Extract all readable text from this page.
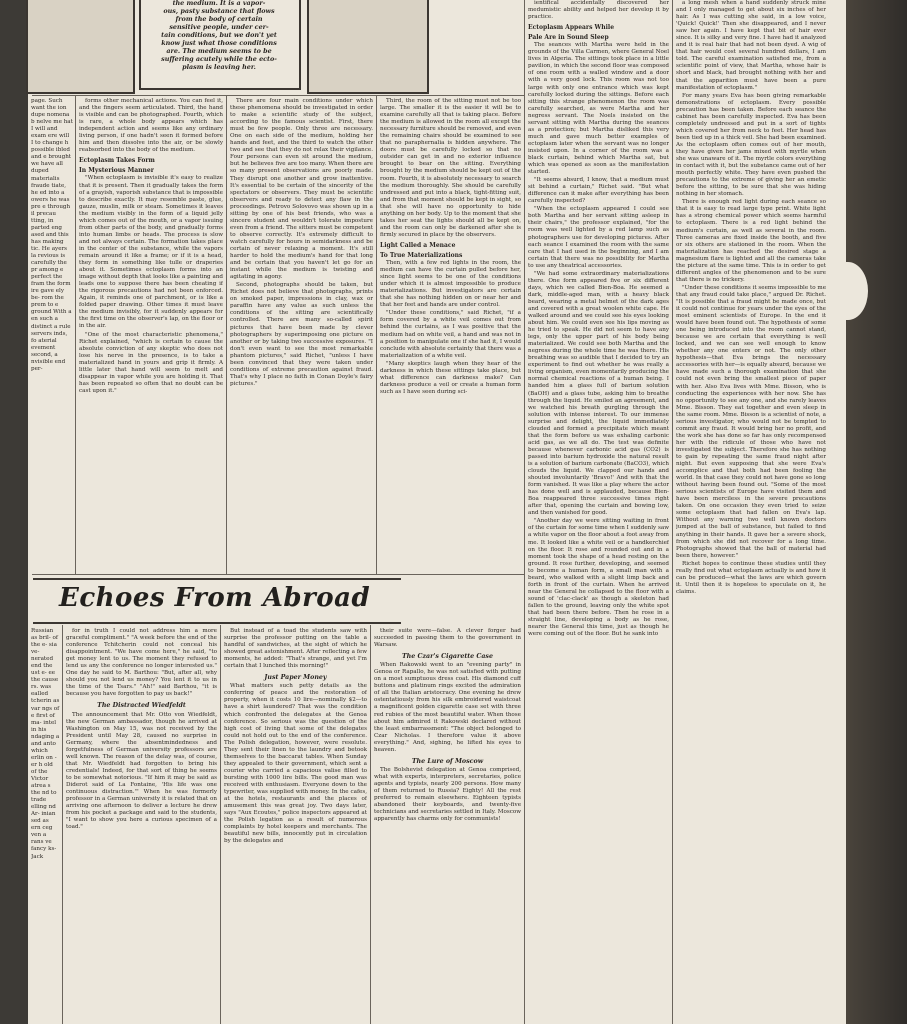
the medium. It is a vapor-
ous, pasty substance that flows
from the body of certain
sensitive people, under cer-
tain conditions, but we don't yet
know just what those conditions
are. The medium seems to be
suffering acutely while the ecto-
plasm is leaving her.
page. Such want the ion dupe nomena b nelve me hat I will and exam ere will I to change h possible ibled and e brought we have all duped materialis fraude tiate, he ed into a owers he was pre e through il precau tting, in parted eng ased and this has making tic. He ayers la revious is carefully the pr among e perfect the fram the form ire gave ely be- rom the prem to e ground With a en such a distinct a rule servers inds, fo aterial evement second, a nvisible end per-

forms other mechanical actions. You can feel it, and the fingers seem articulated. Third, the hand is visible and can be photographed. Fourth, which is rare, a whole body appears which has independent action and seems like any ordinary living person, if one hadn't seen it formed before him and then dissolve into the air, or be slowly reabsorbed into the body of the medium.

Ectoplasm Takes Form
In Mysterious Manner

"When ectoplasm is invisible it's easy to realize that it is present. Then it gradually takes the form of a grayish, vaporish substance that is impossible to describe exactly. It may resemble paste, glue, gauze, muslin, milk or steam. Sometimes it leaves the medium visibly in the form of a liquid jelly which comes out of the mouth, or a vapor issuing from other parts of the body, and gradually forms into human limbs or heads. The process is slow and not always certain. The formation takes place in the center of the substance, while the vapors remain around it like a frame; or if it is a head, they form in something like tulle or draperies about it. Sometimes ectoplasm forms into an image without depth that looks like a painting and leads one to suppose there has been cheating if the rigorous precautions had not been enforced. Again, it reminds one of parchment, or is like a folded paper drawing. Other times it must leave the medium invisibly, for it suddenly appears for the first time on the observer's lap, on the floor or in the air.

"One of the most characteristic phenomena," Richet explained, "which is certain to cause the absolute conviction of any skeptic who does not lose his nerve in the presence, is to take a materialized hand in yours and grip it firmly. A little later that hand will seem to melt and disappear in vapor while you are holding it. That has been repeated so often that no doubt can be cast upon it."

There are four main conditions under which these phenomena should be investigated in order to make a scientific study of the subject, according to the famous scientist. First, there must be few people. Only three are necessary. One on each side of the medium, holding her hands and feet, and the third to watch the other two and see that they do not relax their vigilance. Four persons can even sit around the medium, but he believes five are too many. When there are so many present observations are poorly made. They disrupt one another and grow inattentive. It's essential to be certain of the sincerity of the spectators or observers. They must be scientific observers and ready to detect any flaw in the proceedings. Petrovo Solovovo was shown up in a sitting by one of his best friends, who was a sincere student and wouldn't tolerate imposture even from a friend. The sitters must be competent to observe correctly. It's extremely difficult to watch carefully for hours in semidarkness and be certain of never relaxing a moment. It's still harder to hold the medium's hand for that long and be certain that you haven't let go for an instant while the medium is twisting and agitating in agony.

Second, photographs should be taken, but Richet does not believe that photographs, prints on smoked paper, impressions in clay, wax or paraffin have any value as such unless the conditions of the sitting are scientifically controlled. There are many so-called spirit pictures that have been made by clever photographers by superimposing one picture on another or by taking two successive exposures. "I don't even want to see the most remarkable phantom pictures," said Richet, "unless I have been convinced that they were taken under conditions of extreme precaution against fraud. That's why I place no faith in Conan Doyle's fairy pictures."

Third, the room of the sitting must not be too large. The smaller it is the easier it will be to examine carefully all that is taking place. Before the medium is allowed in the room all except the necessary furniture should be removed, and even the remaining chairs should be examined to see that no paraphernalia is hidden anywhere. The doors must be carefully locked so that no outsider can get in and no exterior influence brought to bear on the sitting. Everything brought by the medium should be kept out of the room. Fourth, it is absolutely necessary to search the medium thoroughly. She should be carefully undressed and put into a black, tight-fitting suit, and from that moment should be kept in sight, so that she will have no opportunity to hide anything on her body. Up to the moment that she takes her seat the lights should all be kept on, and the room can only be darkened after she is firmly secured in place by the observers.

Light Called a Menace
To True Materializations

Then, with a few red lights in the room, the medium can have the curtain pulled before her, since light seems to be one of the conditions under which it is almost impossible to produce materializations. But investigators are certain that she has nothing hidden on or near her and that her feet and hands are under control.

"Under these conditions," said Richet, "if a form covered by a white veil comes out from behind the curtains, as I was positive that the medium had on white veil, a hand and was not in a position to manipulate one if she had it, I would conclude with absolute certainty that there was a materialization of a white veil.

"Many skeptics laugh when they hear of the darkness in which these sittings take place, but what difference can darkness make? Can darkness produce a veil or create a human form such as I have seen during sci-

ientifical accidentally discovered her medumistic ability and helped her develop it by practice.

Ectoplasm Appears While
Pale Are in Sound Sleep

The seances with Martha were held in the grounds of the Villa Carmen, where General Noel lives in Algeria. The sittings took place in a little pavilion, in which the second floor was composed of one room with a walled window and a door with a very good lock. This room was not too large with only one entrance which was kept carefully locked during the sittings. Before each sitting this strange phenomenon the room was carefully searched, as were Martha and her negress servant. The Noels insisted on the servant sitting with Martha during the seances as a protection; but Martha disliked this very much and gave much better examples of ectoplasm later when the servant was no longer insisted upon. In a corner of the room was a black curtain, behind which Martha sat, but which was opened as soon as the manifestation started.

"It seems absurd, I know, that a medium must sit behind a curtain," Richet said. "But what difference can it make after everything has been carefully inspected?

"When the ectoplasm appeared I could see both Martha and her servant sitting asleep in their chairs," the professor explained, "for the room was well lighted by a red lamp such as photographers use for developing pictures. After each seance I examined the room with the same care that I had used in the beginning, and I am certain that there was no possibility for Martha to use any theatrical accessories.

"We had some extraordinary materializations there. One form appeared five or six different days, which we called Bien-Boa. He seemed a dark, middle-aged man, with a heavy black beard, wearing a metal helmet of the dark ages and covered with a great woolen white cape. He walked around and we could see his eyes looking about him. We could even see his lips moving as he tried to speak. He did not seem to have any legs, only the upper part of his body being materialized. We could see both Martha and the negress during the whole time he was there. His breathing was so audible that I decided to try an experiment to find out whether he was really a living organism, even momentarily producing the normal chemical reactions of a human being. I handed him a glass full of barium solution (BaOH) and a glass tube, asking him to breathe through the liquid. He smiled an agreement, and we watched his breath gurgling through the solution with intense interest. To our immense surprise and delight, the liquid immediately clouded and formed a precipitate which meant that the form before us was exhaling carbonic acid gas, as we all do. The test was definite because whenever carbonic acid gas (CO2) is passed into barium hydroxide the natural result is a solution of barium carbonate (BaCO3), which clouds the liquid. We clapped our hands and shouted involuntarily 'Bravo!' And with that the form vanished. It was like a play where the actor has done well and is applauded, because Bien-Boa reappeared three successive times right after that, opening the curtain and bowing low, and then vanished for good.

"Another day we were sitting waiting in front of the curtain for some time when I suddenly saw a white vapor on the floor about a foot away from me. It looked like a white veil or a handkerchief on the floor. It rose and rounded out and in a moment took the shape of a head resting on the ground. It rose further, developing, and seemed to become a human form, a small man with a beard, who walked with a slight limp back and forth in front of the curtain. When he arrived near the General he collapsed to the floor with a sound of 'clac-clack' as though a skeleton had fallen to the ground, leaving only the white spot that had been there before. Then he rose in a straight line, developing a body as he rose, nearer the General this time, just as though he were coming out of the floor. But he sank into

a long mesh when a hand suddenly struck mine and I only managed to get about six inches of her hair. As I was cutting she said, in a low voice, 'Quick! Quick!' Then she disappeared, and I never saw her again. I have kept that bit of hair ever since. It is silky and very fine. I have had it analyzed and it is real hair that had not been dyed. A wig of that hair would cost several hundred dollars, I am told. The careful examination satisfied me, from a scientific point of view, that Martha, whose hair is short and black, had brought nothing with her and that the apparition must have been a pure manifestation of ectoplasm."

For many years Eva has been giving remarkable demonstrations of ectoplasm. Every possible precaution has been taken. Before each seance the cabinet has been carefully inspected. Eva has been completely undressed and put in a sort of tights which covered her from neck to feet. Her head has been tied up in a thick veil. She had been examined. As the ectoplasm often comes out of her mouth, they have given her jams mixed with myrtle when she was unaware of it. The myrtle colors everything in contact with it, but the substance came out of her mouth perfectly white. They have even pushed the precautions to the extreme of giving her an emetic before the sitting, to be sure that she was hiding nothing in her stomach.

There is enough red light during each seance so that it is easy to read large type print. White light has a strong chemical power which seems harmful to ectoplasm. There is a red light behind the medium's curtain, as well as several in the room. Three cameras are fixed inside the booth, and five or six others are stationed in the room. When the materialization has reached the desired stage a magnesium flare is lighted and all the cameras take the picture at the same time. This is in order to get different angles of the phenomenon and to be sure that there is no trickery.

"Under these conditions it seems impossible to me that any fraud could take place," argued Dr. Richet. "It is possible that a fraud might be made once, but it could not continue for years under the eyes of the most eminent scientists of Europe. In the end it would have been found out. The hypothesis of some one being introduced into the room cannot stand, because we are certain that everything is well locked, and we can see well enough to know whether any one enters or not. The only other hypothesis—that Eva brings the necessary accessories with her—is equally absurd, because we have made such a thorough examination that she could not even bring the smallest piece of paper with her. Also Eva lives with Mme. Bisson, who is conducting the experiences with her now. She has no opportunity to see any one, and she rarely leaves Mme. Bisson. They eat together and even sleep in the same room. Mme. Bisson is a scientist of note, a serious investigator, who would not be tempted to commit any fraud. It would bring her no profit, and the work she has done so far has only recompensed her with the ridicule of those who have not investigated the subject. Therefore she has nothing to gain by repeating the same fraud night after night. But even supposing that she were Eva's accomplice and that both had been fooling the world. In that case they could not have gone so long without having been found out. "Some of the most serious scientists of Europe have visited them and have been merciless in the severe precautions taken. On one occasion they even tried to seize some ectoplasm that had fallen on Eva's lap. Without any warning two well known doctors jumped at the ball of substance, but failed to find anything in their hands. It gave her a severe shock, from which she did not recover for a long time. Photographs showed that the ball of material had been there, however."

Richet hopes to continue these studies until they really find out what ectoplasm actually is and how it can be produced—what the laws are which govern it. Until then it is hopeless to speculate on it, he claims.

Echoes From Abroad
Russian as bril- of the e- sia ve- nerated end the ust e- ee the cause rs. was ealled tcherin as var ngs of e first of ma- intel in his ndaging a and anto which erlin on - er h old of the Victor atrea s the nd to trade elling nd Ar- inian sed as ern ceg ven a rans ve fancy ks-Jack

for in truth I could not address him a more graceful compliment." "A week before the end of the conference Tchitcherin could not conceal his disappointment. "We have come here," he said, "to get money lent to us. The moment they refused to lend us any the conference no longer interested us." One day he said to M. Barthou: "But, after all, why should you not lend us money? You lent it to us in the time of the Tsars." "Ah!" said Barthou, "it is because you have forgotten to pay us back!"

The Distracted Wiedfeldt

The announcement that Mr. Otto von Wiedfeldt, the new German ambassador, though he arrived at Washington on May 15, was not received by the President until May 28, caused no surprise in Germany, where the absentmindedness and forgetfulness of German university professors are well known. The reason of the delay was, of course, that Mr. Wiedfeldt had forgotten to bring his credentials! Indeed, for that sort of thing he seems to be somewhat notorious. "If him it may be said as Diderot said of La Fontaine, 'His life was one continuous distraction.'" When he was formerly professor in a German university it is related that on arriving one afternoon to deliver a lecture he drew from his pocket a package and said to the students, "I want to show you here a curious specimen of a toad."

But instead of a toad the students saw with surprise the professor putting on the table a handful of sandwiches, at the sight of which he showed great astonishment. After reflecting a few moments, he added: "That's strange, and yet I'm certain that I lunched this morning!"

Just Paper Money

What matters such petty details as the conferring of peace and the restoration of property, when it costs 10 lire—nominally $2—to have a shirt laundered? That was the condition which confronted the delegates at the Genoa conference. So serious was the question of the high cost of living that some of the delegates could not hold out to the end of the conference. The Polish delegation, however, were resolute. They sent their linen to the laundry and betook themselves to the baccarat tables. When Sunday they appealed to their government, which sent a courier who carried a capacious valise filled to bursting with 1000 lire bills. The good man was received with enthusiasm. Everyone down to the typewriter, was supplied with money. In the cafes, at the hotels, restaurants and the places of amusement this was great joy. Two days later, says "Aux Ecoutes," police inspectors appeared at the Polish legation as a result of numerous complaints by hotel keepers and merchants. The beautiful new bills, innocently put in circulation by the delegates and

their suite were—false. A clever forger had succeeded in passing them to the government in Warsaw.

The Czar's Cigarette Case

When Rakowski went to an "evening party" in Genoa or Rapallo, he was not satisfied with putting on a most sumptuous dress coat. His diamond cuff buttons and platinum rings excited the admiration of all the Italian aristocracy. One evening he drew ostentatiously from his silk embroidered waistcoat a magnificent golden cigarette case set with three red rubies of the most beautiful water. When those about him admired it Rakowski declared without the least embarrassment: "The object belonged to Czar Nicholas. I therefore value it above everything." And, sighing, he lifted his eyes to heaven.

The Lure of Moscow

The Bolshevist delegation at Genoa comprised, what with experts, interpreters, secretaries, police agents and typists, nearly 200 persons. How many of them returned to Russia? Eighty! All the rest preferred to remain elsewhere. Eighteen typists abandoned their keyboards, and twenty-five technicians and secretaries settled in Italy. Moscow apparently has charms only for communists!
